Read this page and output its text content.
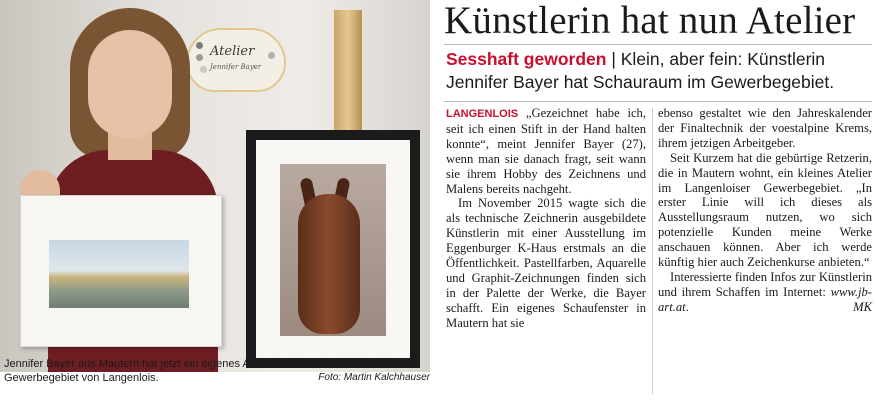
Atelier
Jennifer Bayer
Jennifer Bayer aus Mautern hat jetzt ein eigenes Atelier in einem der Gebäude im Gewerbegebiet von Langenlois.	Foto: Martin Kalchhauser
Künstlerin hat nun Atelier
Sesshaft geworden | Klein, aber fein: Künstlerin Jennifer Bayer hat Schauraum im Gewerbegebiet.

LANGENLOIS „Gezeichnet habe ich, seit ich einen Stift in der Hand halten konnte“, meint Jennifer Bayer (27), wenn man sie danach fragt, seit wann sie ihrem Hobby des Zeichnens und Malens bereits nachgeht.

Im November 2015 wagte sich die als technische Zeichnerin ausgebildete Künstlerin mit einer Ausstellung im Eggenburger K-Haus erstmals an die Öffentlichkeit. Pastellfarben, Aquarelle und Graphit-Zeichnungen finden sich in der Palette der Werke, die Bayer schafft. Ein eigenes Schaufenster in Mautern hat sie

ebenso gestaltet wie den Jahreskalender der Finaltechnik der voestalpine Krems, ihrem jetzigen Arbeitgeber.

Seit Kurzem hat die gebürtige Retzerin, die in Mautern wohnt, ein kleines Atelier im Langenloiser Gewerbegebiet. „In erster Linie will ich dieses als Ausstellungsraum nutzen, wo sich potenzielle Kunden meine Werke anschauen können. Aber ich werde künftig hier auch Zeichenkurse anbieten.“

Interessierte finden Infos zur Künstlerin und ihrem Schaffen im Internet: www.jb-art.at.	MK
